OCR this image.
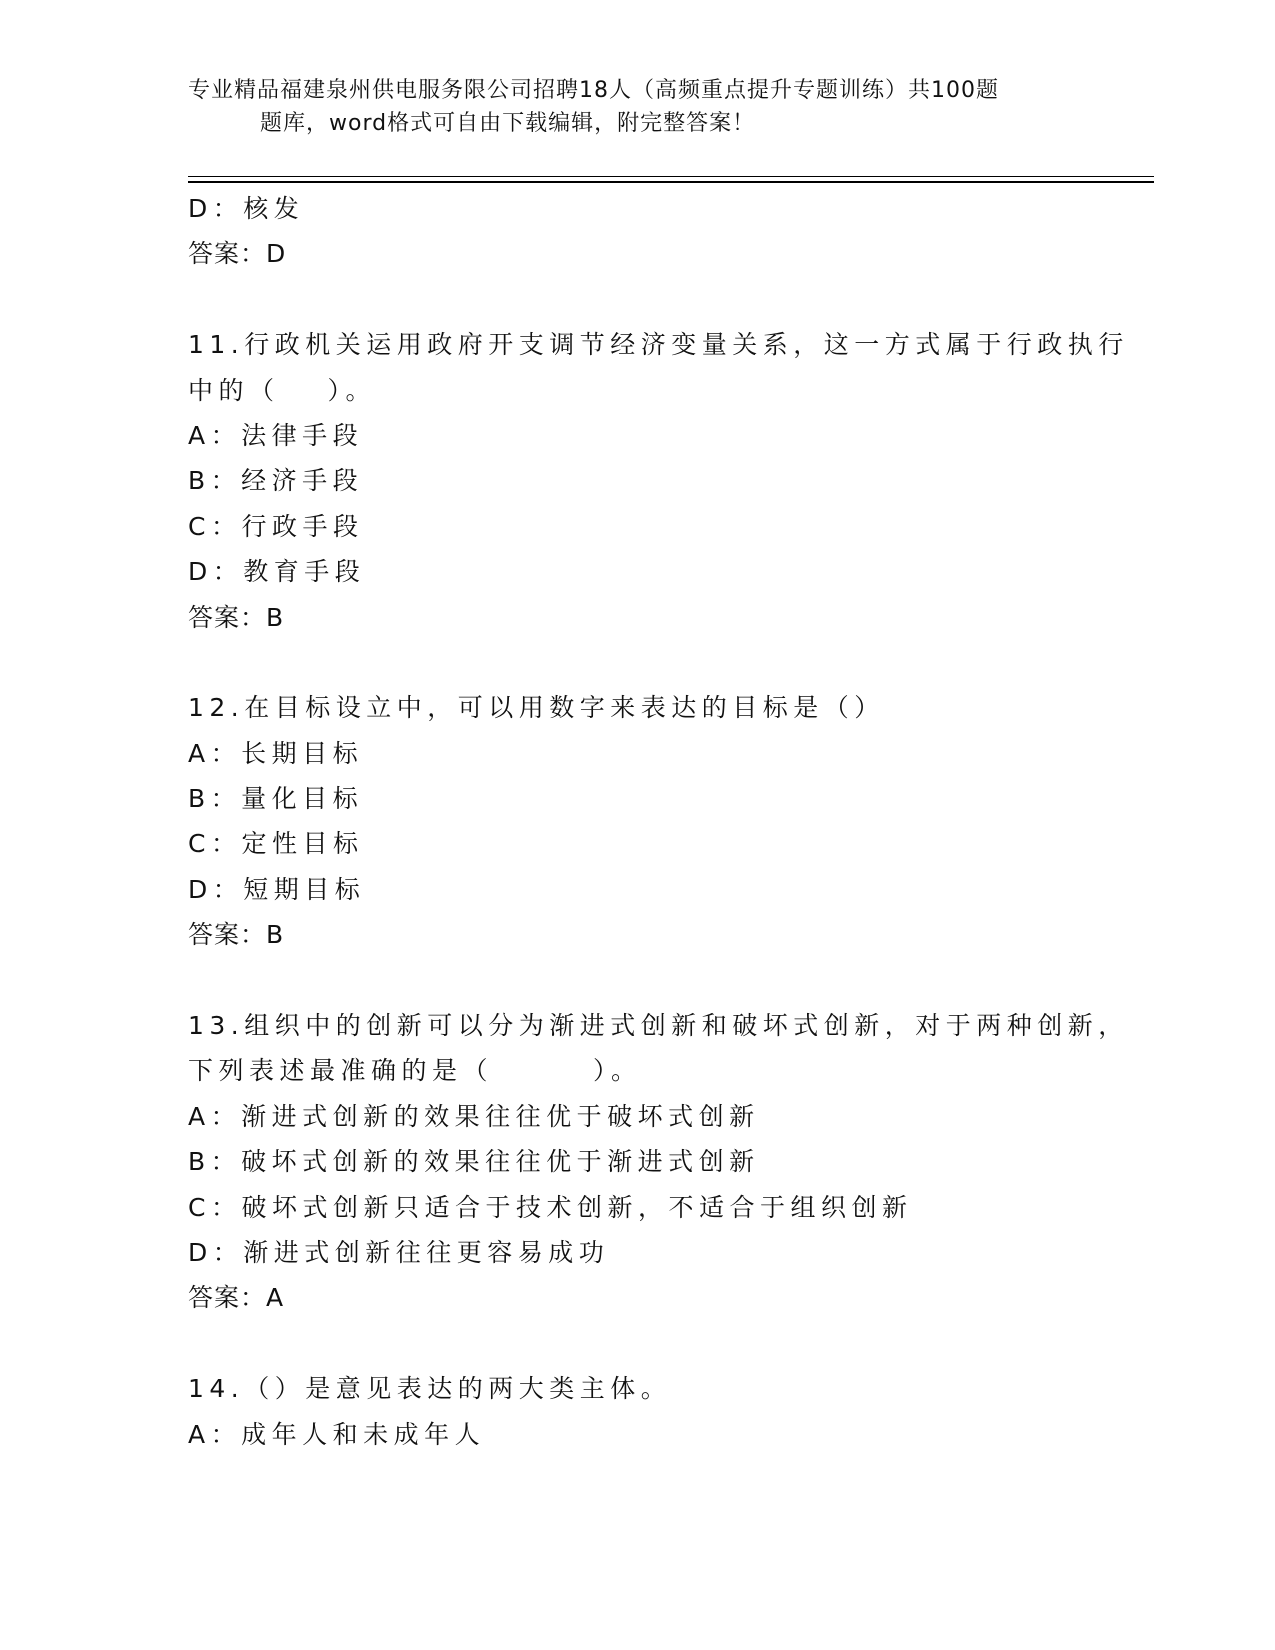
专业精品福建泉州供电服务限公司招聘18人（高频重点提升专题训练）共100题
题库，word格式可自由下载编辑，附完整答案！
D：核发
答案：D
11.行政机关运用政府开支调节经济变量关系，这一方式属于行政执行
中的（ ）。
A：法律手段
B：经济手段
C：行政手段
D：教育手段
答案：B
12.在目标设立中，可以用数字来表达的目标是（）
A：长期目标
B：量化目标
C：定性目标
D：短期目标
答案：B
13.组织中的创新可以分为渐进式创新和破坏式创新，对于两种创新，
下列表述最准确的是（	）。
A：渐进式创新的效果往往优于破坏式创新
B：破坏式创新的效果往往优于渐进式创新
C：破坏式创新只适合于技术创新，不适合于组织创新
D：渐进式创新往往更容易成功
答案：A
14.（）是意见表达的两大类主体。
A：成年人和未成年人
